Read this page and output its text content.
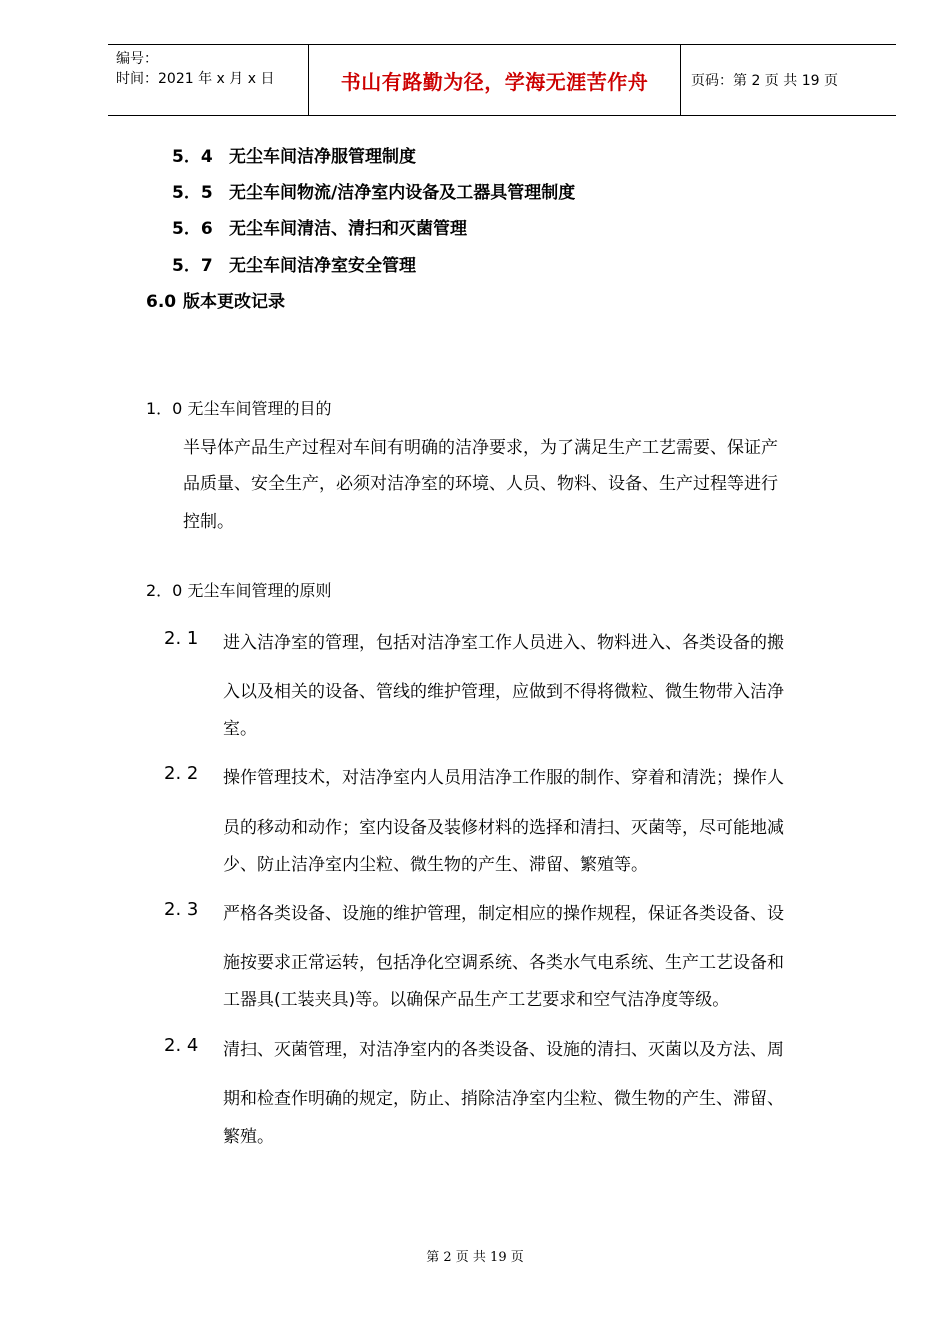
编号：
时间：2021 年 x 月 x 日	书山有路勤为径，学海无涯苦作舟	页码：第 2 页 共 19 页
5．4 无尘车间洁净服管理制度
5．5 无尘车间物流/洁净室内设备及工器具管理制度
5．6 无尘车间清洁、清扫和灭菌管理
5．7 无尘车间洁净室安全管理
6.0 版本更改记录
1．0 无尘车间管理的目的
半导体产品生产过程对车间有明确的洁净要求，为了满足生产工艺需要、保证产
品质量、安全生产，必须对洁净室的环境、人员、物料、设备、生产过程等进行
控制。
2．0 无尘车间管理的原则
2. 1 进入洁净室的管理，包括对洁净室工作人员进入、物料进入、各类设备的搬
入以及相关的设备、管线的维护管理，应做到不得将微粒、微生物带入洁净
室。
2. 2 操作管理技术，对洁净室内人员用洁净工作服的制作、穿着和清洗；操作人
员的移动和动作；室内设备及装修材料的选择和清扫、灭菌等，尽可能地减
少、防止洁净室内尘粒、微生物的产生、滞留、繁殖等。
2. 3 严格各类设备、设施的维护管理，制定相应的操作规程，保证各类设备、设
施按要求正常运转，包括净化空调系统、各类水气电系统、生产工艺设备和
工器具(工装夹具)等。以确保产品生产工艺要求和空气洁净度等级。
2. 4 清扫、灭菌管理，对洁净室内的各类设备、设施的清扫、灭菌以及方法、周
期和检查作明确的规定，防止、捎除洁净室内尘粒、微生物的产生、滞留、
繁殖。
第 2 页 共 19 页
